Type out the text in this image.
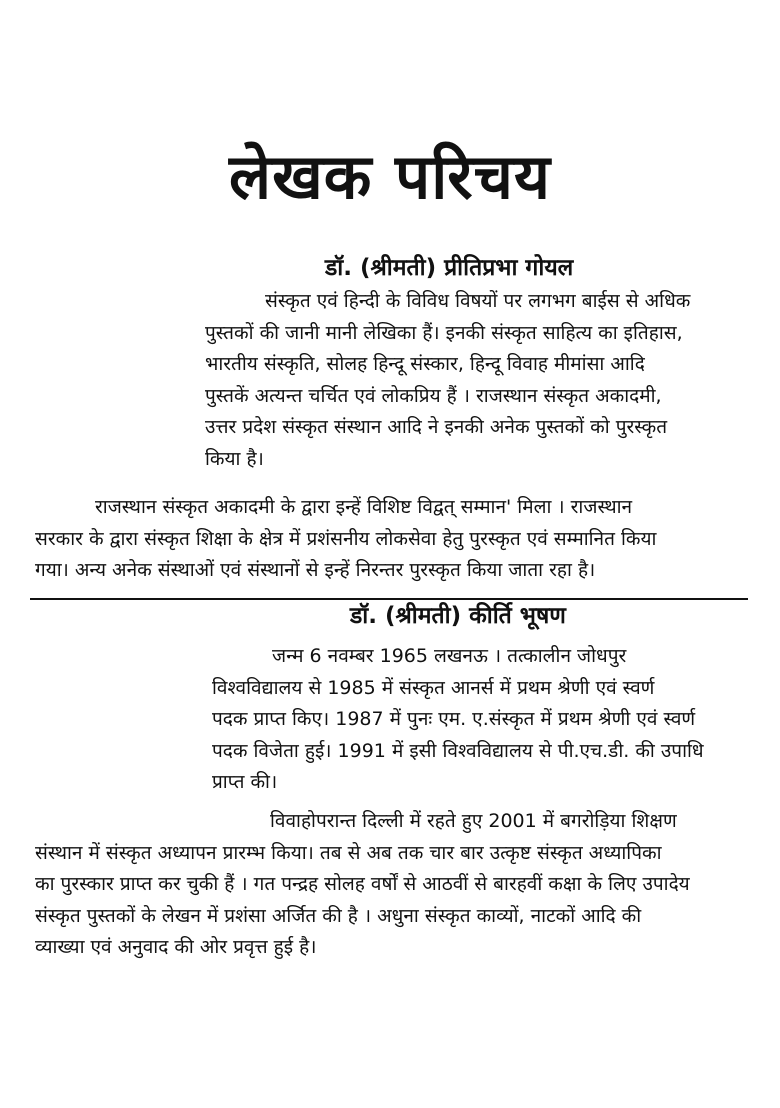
लेखक परिचय
डॉ. (श्रीमती) प्रीतिप्रभा गोयल
संस्कृत एवं हिन्दी के विविध विषयों पर लगभग बाईस से अधिक
पुस्तकों की जानी मानी लेखिका हैं। इनकी संस्कृत साहित्य का इतिहास,
भारतीय संस्कृति, सोलह हिन्दू संस्कार, हिन्दू विवाह मीमांसा आदि
पुस्तकें अत्यन्त चर्चित एवं लोकप्रिय हैं । राजस्थान संस्कृत अकादमी,
उत्तर प्रदेश संस्कृत संस्थान आदि ने इनकी अनेक पुस्तकों को पुरस्कृत
किया है।
राजस्थान संस्कृत अकादमी के द्वारा इन्हें विशिष्ट विद्वत् सम्मान' मिला । राजस्थान
सरकार के द्वारा संस्कृत शिक्षा के क्षेत्र में प्रशंसनीय लोकसेवा हेतु पुरस्कृत एवं सम्मानित किया
गया। अन्य अनेक संस्थाओं एवं संस्थानों से इन्हें निरन्तर पुरस्कृत किया जाता रहा है।
डॉ. (श्रीमती) कीर्ति भूषण
जन्म 6 नवम्बर 1965 लखनऊ । तत्कालीन जोधपुर
विश्वविद्यालय से 1985 में संस्कृत आनर्स में प्रथम श्रेणी एवं स्वर्ण
पदक प्राप्त किए। 1987 में पुनः एम. ए.संस्कृत में प्रथम श्रेणी एवं स्वर्ण
पदक विजेता हुई। 1991 में इसी विश्वविद्यालय से पी.एच.डी. की उपाधि
प्राप्त की।
विवाहोपरान्त दिल्ली में रहते हुए 2001 में बगरोड़िया शिक्षण
संस्थान में संस्कृत अध्यापन प्रारम्भ किया। तब से अब तक चार बार उत्कृष्ट संस्कृत अध्यापिका
का पुरस्कार प्राप्त कर चुकी हैं । गत पन्द्रह सोलह वर्षों से आठवीं से बारहवीं कक्षा के लिए उपादेय
संस्कृत पुस्तकों के लेखन में प्रशंसा अर्जित की है । अधुना संस्कृत काव्यों, नाटकों आदि की
व्याख्या एवं अनुवाद की ओर प्रवृत्त हुई है।
